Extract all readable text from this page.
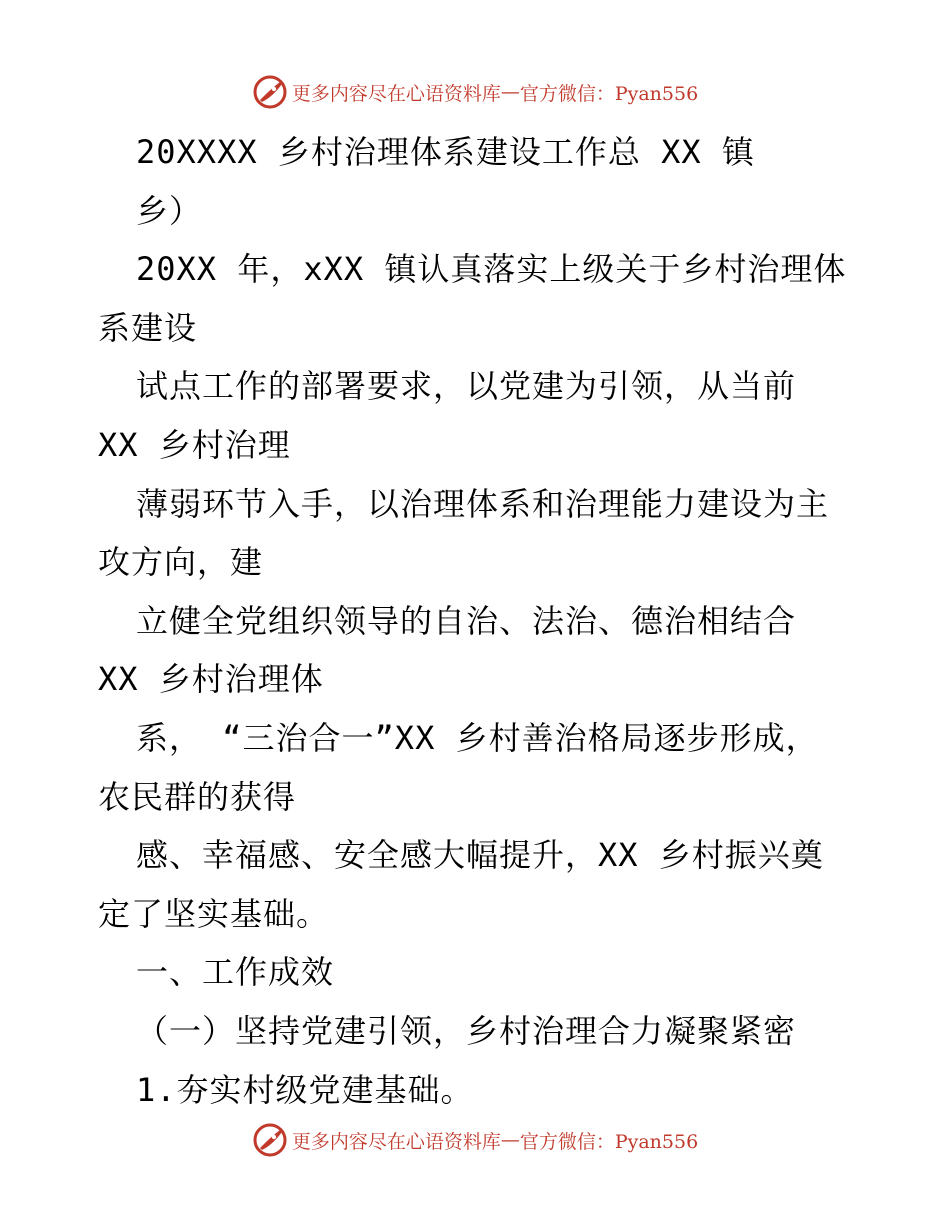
更多内容尽在心语资料库 — 官方微信：Pyan556
20XXXX 乡村治理体系建设工作总 XX 镇
乡）
20XX 年，xXX 镇认真落实上级关于乡村治理体
系建设
试点工作的部署要求，以党建为引领，从当前
XX 乡村治理
薄弱环节入手，以治理体系和治理能力建设为主
攻方向，建
立健全党组织领导的自治、法治、德治相结合
XX 乡村治理体
系， “三治合一”XX 乡村善治格局逐步形成，
农民群的获得
感、幸福感、安全感大幅提升，XX 乡村振兴奠
定了坚实基础。
一、工作成效
（一）坚持党建引领，乡村治理合力凝聚紧密
1.夯实村级党建基础。
更多内容尽在心语资料库 — 官方微信：Pyan556
